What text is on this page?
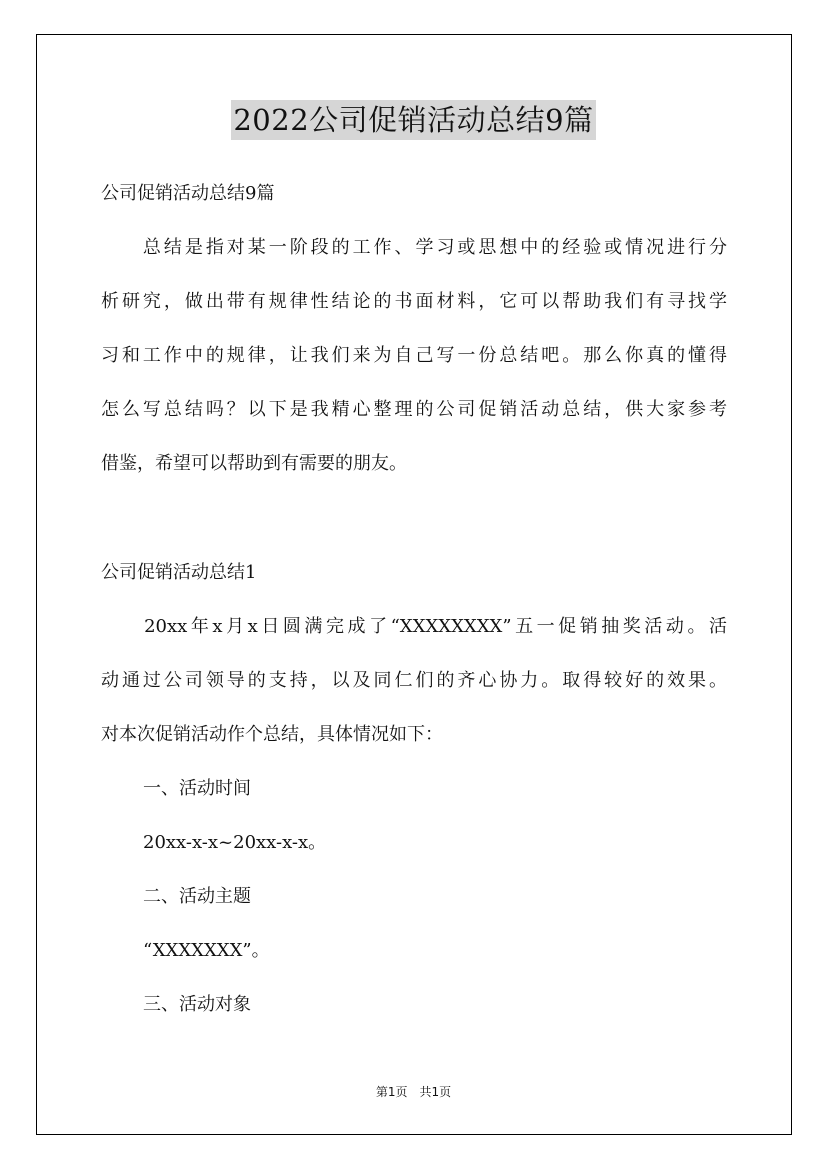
2022公司促销活动总结9篇
公司促销活动总结9篇
　　总结是指对某一阶段的工作、学习或思想中的经验或情况进行分
析研究，做出带有规律性结论的书面材料，它可以帮助我们有寻找学
习和工作中的规律，让我们来为自己写一份总结吧。那么你真的懂得
怎么写总结吗？以下是我精心整理的公司促销活动总结，供大家参考
借鉴，希望可以帮助到有需要的朋友。
公司促销活动总结1
　　20xx年x月x日圆满完成了“XXXXXXXX”五一促销抽奖活动。活
动通过公司领导的支持，以及同仁们的齐心协力。取得较好的效果。
对本次促销活动作个总结，具体情况如下：
一、活动时间
20xx-x-x~20xx-x-x。
二、活动主题
“XXXXXXX”。
三、活动对象
第1页　共1页
